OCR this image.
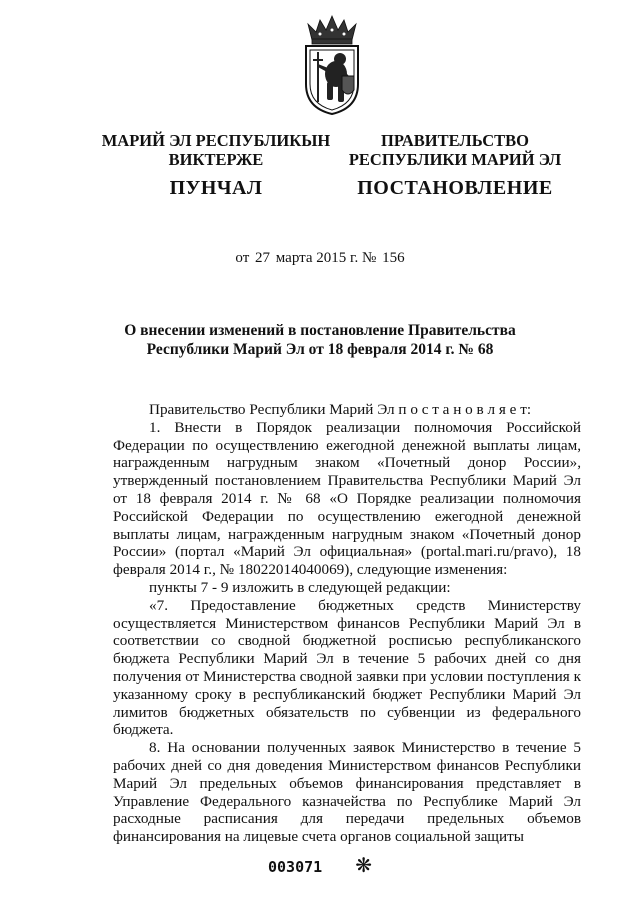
МАРИЙ ЭЛ РЕСПУБЛИКЫН
ВИКТЕРЖЕ
ПУНЧАЛ
ПРАВИТЕЛЬСТВО
РЕСПУБЛИКИ МАРИЙ ЭЛ
ПОСТАНОВЛЕНИЕ
от 27 марта 2015 г. № 156
О внесении изменений в постановление Правительства
Республики Марий Эл от 18 февраля 2014 г. № 68

Правительство Республики Марий Эл п о с т а н о в л я е т:

1. Внести в Порядок реализации полномочия Российской Федерации по осуществлению ежегодной денежной выплаты лицам, награжденным нагрудным знаком «Почетный донор России», утвержденный постановлением Правительства Республики Марий Эл от 18 февраля 2014 г. № 68 «О Порядке реализации полномочия Российской Федерации по осуществлению ежегодной денежной выплаты лицам, награжденным нагрудным знаком «Почетный донор России» (портал «Марий Эл официальная» (portal.mari.ru/pravo), 18 февраля 2014 г., № 18022014040069), следующие изменения:

пункты 7 - 9 изложить в следующей редакции:

«7. Предоставление бюджетных средств Министерству осуществляется Министерством финансов Республики Марий Эл в соответствии со сводной бюджетной росписью республиканского бюджета Республики Марий Эл в течение 5 рабочих дней со дня получения от Министерства сводной заявки при условии поступления к указанному сроку в республиканский бюджет Республики Марий Эл лимитов бюджетных обязательств по субвенции из федерального бюджета.

8. На основании полученных заявок Министерство в течение 5 рабочих дней со дня доведения Министерством финансов Республики Марий Эл предельных объемов финансирования представляет в Управление Федерального казначейства по Республике Марий Эл расходные расписания для передачи предельных объемов финансирования на лицевые счета органов социальной защиты

003071 ❋
